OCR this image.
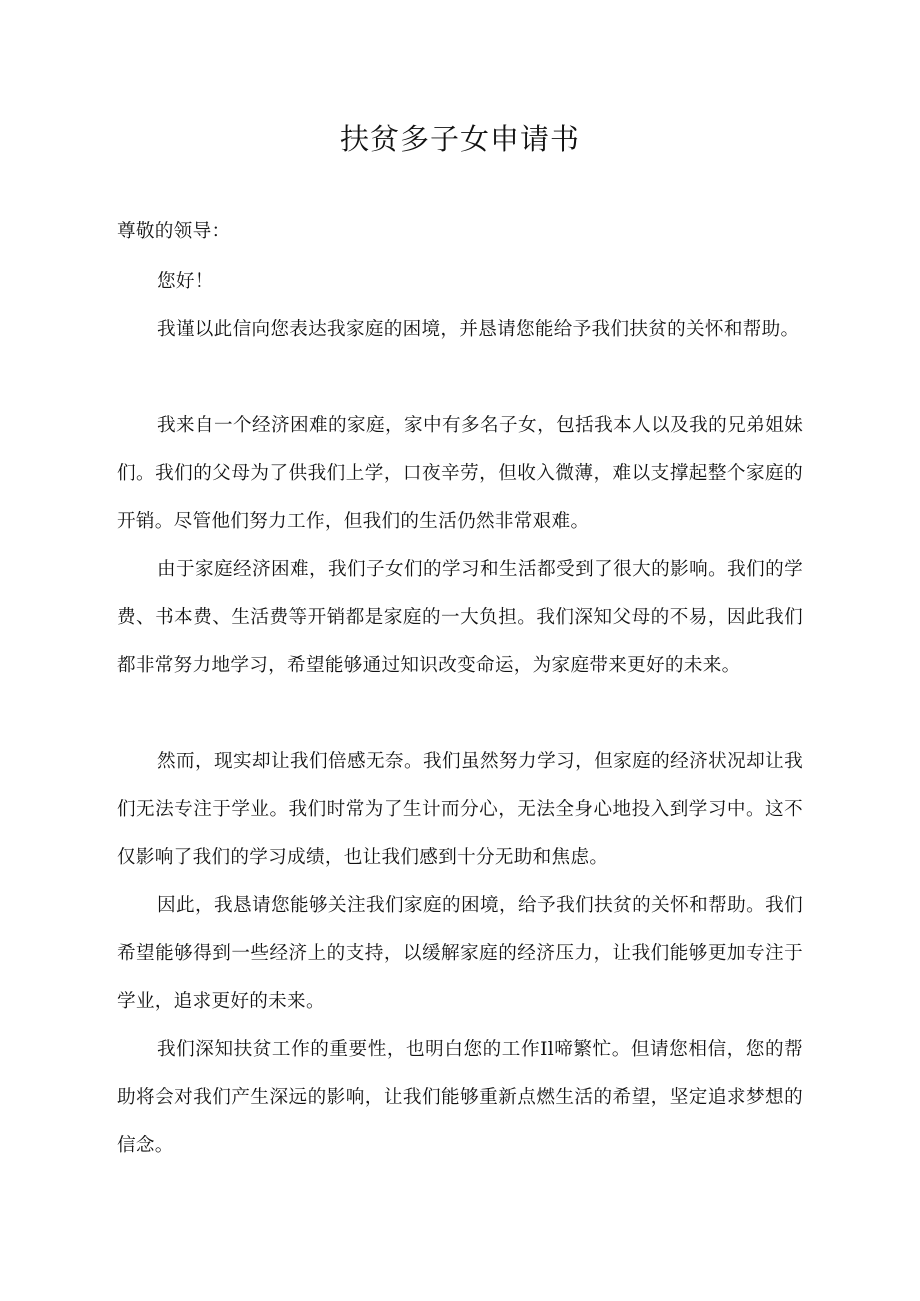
扶贫多子女申请书

尊敬的领导：

您好！

我谨以此信向您表达我家庭的困境，并恳请您能给予我们扶贫的关怀和帮助。

我来自一个经济困难的家庭，家中有多名子女，包括我本人以及我的兄弟姐妹们。我们的父母为了供我们上学，口夜辛劳，但收入微薄，难以支撑起整个家庭的开销。尽管他们努力工作，但我们的生活仍然非常艰难。

由于家庭经济困难，我们子女们的学习和生活都受到了很大的影响。我们的学费、书本费、生活费等开销都是家庭的一大负担。我们深知父母的不易，因此我们都非常努力地学习，希望能够通过知识改变命运，为家庭带来更好的未来。

然而，现实却让我们倍感无奈。我们虽然努力学习，但家庭的经济状况却让我们无法专注于学业。我们时常为了生计而分心，无法全身心地投入到学习中。这不仅影响了我们的学习成绩，也让我们感到十分无助和焦虑。

因此，我恳请您能够关注我们家庭的困境，给予我们扶贫的关怀和帮助。我们希望能够得到一些经济上的支持，以缓解家庭的经济压力，让我们能够更加专注于学业，追求更好的未来。

我们深知扶贫工作的重要性，也明白您的工作Il啼繁忙。但请您相信，您的帮助将会对我们产生深远的影响，让我们能够重新点燃生活的希望，坚定追求梦想的信念。
